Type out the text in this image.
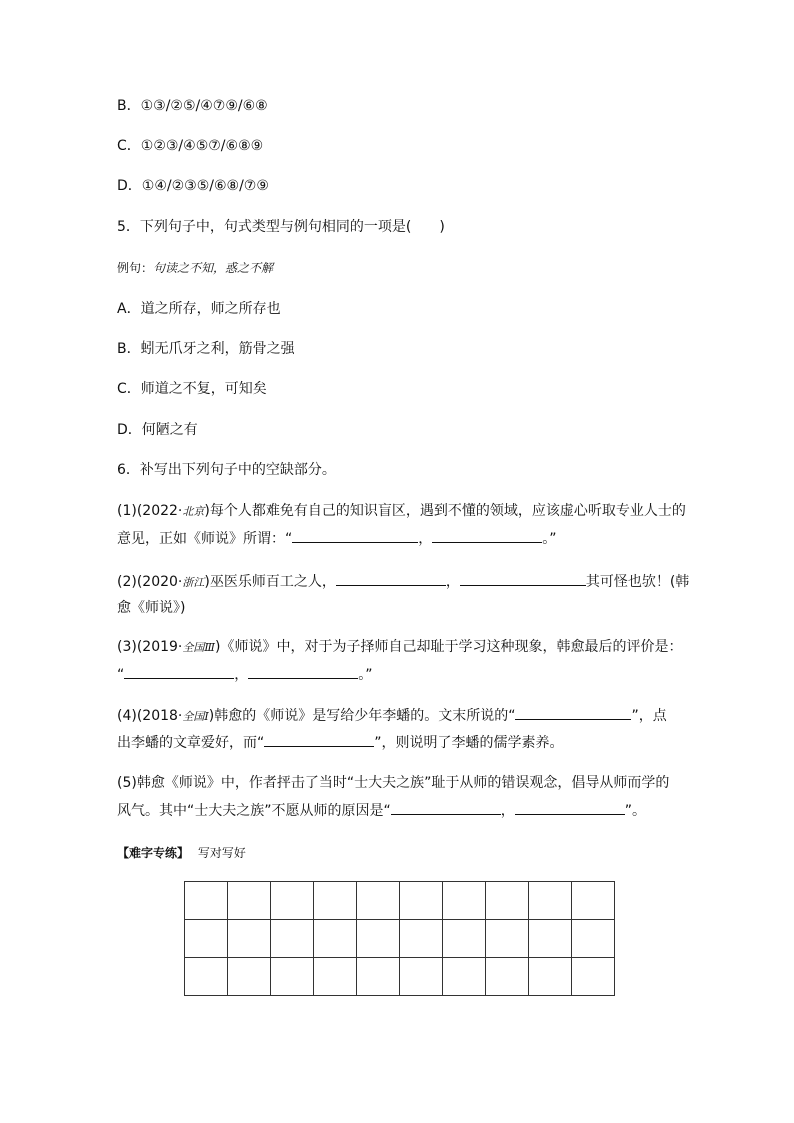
B．①③/②⑤/④⑦⑨/⑥⑧
C．①②③/④⑤⑦/⑥⑧⑨
D．①④/②③⑤/⑥⑧/⑦⑨
5．下列句子中，句式类型与例句相同的一项是(　　)
例句：句读之不知，惑之不解
A．道之所存，师之所存也
B．蚓无爪牙之利，筋骨之强
C．师道之不复，可知矣
D．何陋之有
6．补写出下列句子中的空缺部分。
(1)(2022·北京)每个人都难免有自己的知识盲区，遇到不懂的领域，应该虚心听取专业人士的
意见，正如《师说》所谓：“	，	。”
(2)(2020·浙江)巫医乐师百工之人，	，	其可怪也欤！(韩
愈《师说》)
(3)(2019·全国Ⅲ)《师说》中，对于为子择师自己却耻于学习这种现象，韩愈最后的评价是：
“	，	。”
(4)(2018·全国Ⅰ)韩愈的《师说》是写给少年李蟠的。文末所说的“	”，点
出李蟠的文章爱好，而“	”，则说明了李蟠的儒学素养。
(5)韩愈《师说》中，作者抨击了当时“士大夫之族”耻于从师的错误观念，倡导从师而学的
风气。其中“士大夫之族”不愿从师的原因是“	，	”。
【难字专练】 写对写好
